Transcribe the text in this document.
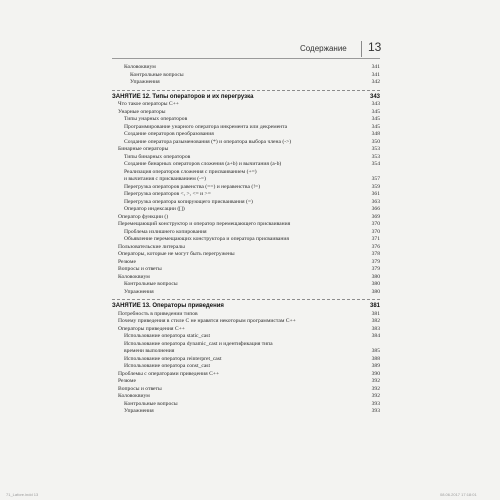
Содержание 13
Коловоквиум	341
Контрольные вопросы	341
Упражнения	342
ЗАНЯТИЕ 12. Типы операторов и их перегрузка	343
Что такое операторы C++	343
Унарные операторы	345
Типы унарных операторов	345
Программирование унарного оператора инкремента или декремента	345
Создание операторов преобразования	348
Создание оператора разыменования (*) и оператора выбора члена (->)	350
Бинарные операторы	353
Типы бинарных операторов	353
Создание бинарных операторов сложения (a+b) и вычитания (a-b)	354
Реализация операторов сложения с присваиванием (+=)
и вычитания с присваиванием (-=)	357
Перегрузка операторов равенства (==) и неравенства (!=)	359
Перегрузка операторов <, >, <= и >=	361
Перегрузка оператора копирующего присваивания (=)	363
Оператор индексации ([])	366
Оператор функции ()	369
Перемещающий конструктор и оператор перемещающего присваивания	370
Проблема излишнего копирования	370
Объявление перемещающих конструктора и оператора присваивания	371
Пользовательские литералы	376
Операторы, которые не могут быть перегружены	378
Резюме	379
Вопросы и ответы	379
Коловоквиум	380
Контрольные вопросы	380
Упражнения	380
ЗАНЯТИЕ 13. Операторы приведения	381
Потребность в приведении типов	381
Почему приведения в стиле C не нравятся некоторым программистам C++	382
Операторы приведения C++	383
Использование оператора static_cast	384
Использование оператора dynamic_cast и идентификация типа
времени выполнения	385
Использование оператора reinterpret_cast	388
Использование оператора const_cast	389
Проблемы с операторами приведения C++	390
Резюме	392
Вопросы и ответы	392
Коловоквиум	392
Контрольные вопросы	393
Упражнения	393
71_Lafore.indd 13	08.06.2017 17:18:01
